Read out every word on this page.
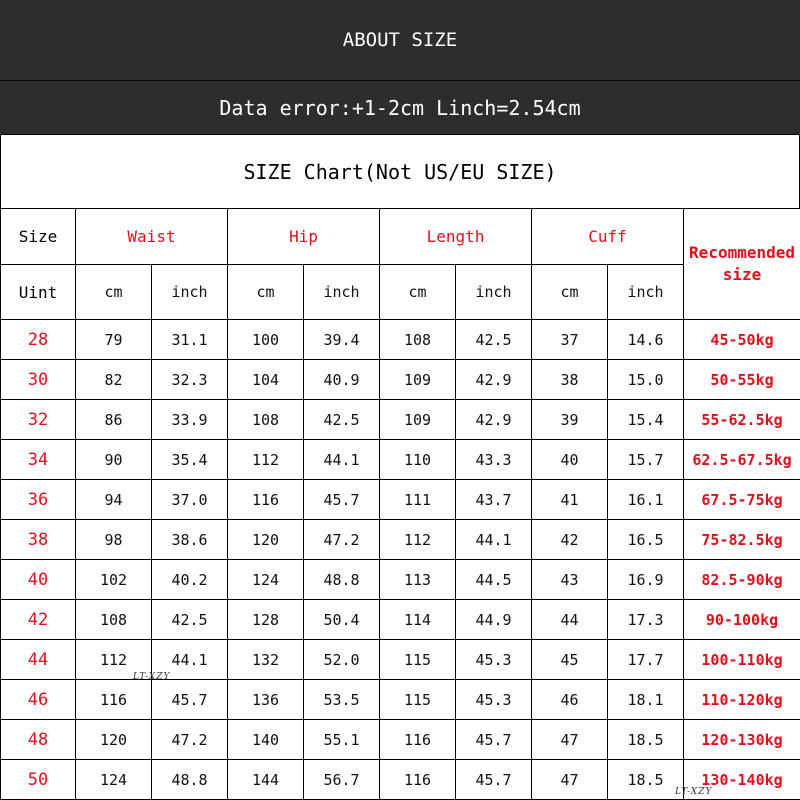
ABOUT SIZE
Data error:+1-2cm Linch=2.54cm
SIZE Chart(Not US/EU SIZE)
Size	Waist		Hip		Length		Cuff		Recommended size

Uint	cm	inch	cm	inch	cm	inch	cm	inch	
28	79	31.1	100	39.4	108	42.5	37	14.6	45-50kg
30	82	32.3	104	40.9	109	42.9	38	15.0	50-55kg
32	86	33.9	108	42.5	109	42.9	39	15.4	55-62.5kg
34	90	35.4	112	44.1	110	43.3	40	15.7	62.5-67.5kg
36	94	37.0	116	45.7	111	43.7	41	16.1	67.5-75kg
38	98	38.6	120	47.2	112	44.1	42	16.5	75-82.5kg
40	102	40.2	124	48.8	113	44.5	43	16.9	82.5-90kg
42	108	42.5	128	50.4	114	44.9	44	17.3	90-100kg
44	112	44.1	132	52.0	115	45.3	45	17.7	100-110kg
46	116	45.7	136	53.5	115	45.3	46	18.1	110-120kg
48	120	47.2	140	55.1	116	45.7	47	18.5	120-130kg
50	124	48.8	144	56.7	116	45.7	47	18.5	130-140kg
LT-XZY
LT-XZY
